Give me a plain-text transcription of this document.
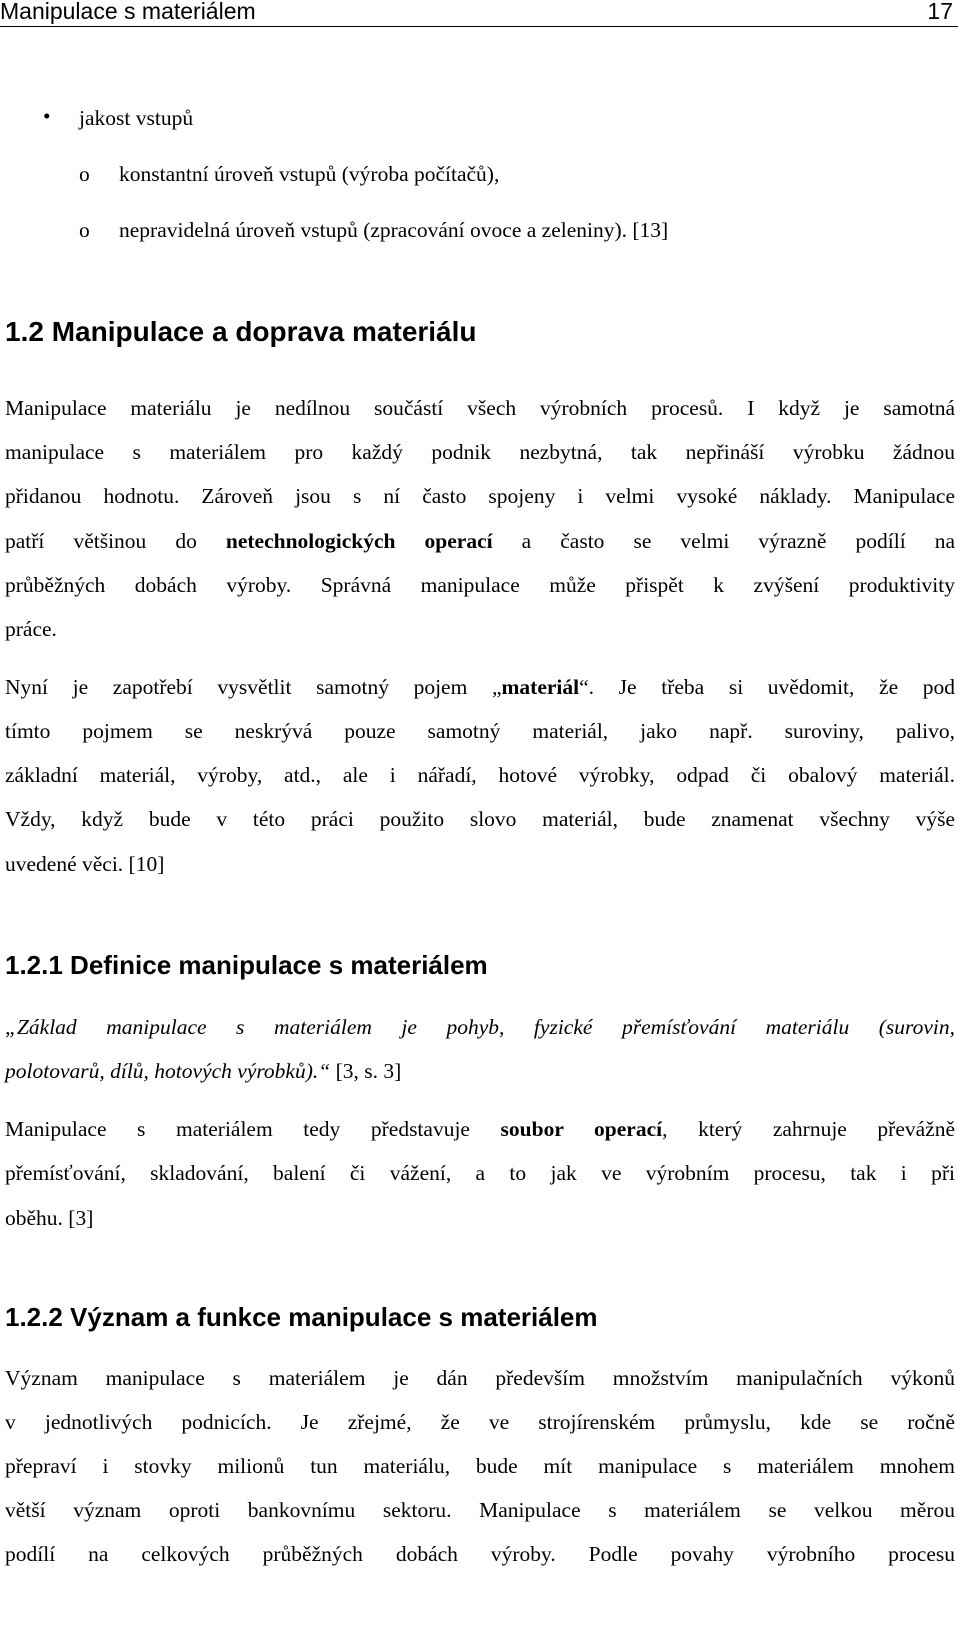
Manipulace s materiálem	17
• jakost vstupů
o konstantní úroveň vstupů (výroba počítačů),
o nepravidelná úroveň vstupů (zpracování ovoce a zeleniny). [13]
1.2 Manipulace a doprava materiálu
Manipulace materiálu je nedílnou součástí všech výrobních procesů. I když je samotná
manipulace s materiálem pro každý podnik nezbytná, tak nepřináší výrobku žádnou
přidanou hodnotu. Zároveň jsou s ní často spojeny i velmi vysoké náklady. Manipulace
patří většinou do netechnologických operací a často se velmi výrazně podílí na
průběžných dobách výroby. Správná manipulace může přispět k zvýšení produktivity
práce.
Nyní je zapotřebí vysvětlit samotný pojem „materiál“. Je třeba si uvědomit, že pod
tímto pojmem se neskrývá pouze samotný materiál, jako např. suroviny, palivo,
základní materiál, výroby, atd., ale i nářadí, hotové výrobky, odpad či obalový materiál.
Vždy, když bude v této práci použito slovo materiál, bude znamenat všechny výše
uvedené věci. [10]
1.2.1 Definice manipulace s materiálem
„Základ manipulace s materiálem je pohyb, fyzické přemísťování materiálu (surovin,
polotovarů, dílů, hotových výrobků).“ [3, s. 3]
Manipulace s materiálem tedy představuje soubor operací, který zahrnuje převážně
přemísťování, skladování, balení či vážení, a to jak ve výrobním procesu, tak i při
oběhu. [3]
1.2.2 Význam a funkce manipulace s materiálem
Význam manipulace s materiálem je dán především množstvím manipulačních výkonů
v jednotlivých podnicích. Je zřejmé, že ve strojírenském průmyslu, kde se ročně
přepraví i stovky milionů tun materiálu, bude mít manipulace s materiálem mnohem
větší význam oproti bankovnímu sektoru. Manipulace s materiálem se velkou měrou
podílí na celkových průběžných dobách výroby. Podle povahy výrobního procesu
